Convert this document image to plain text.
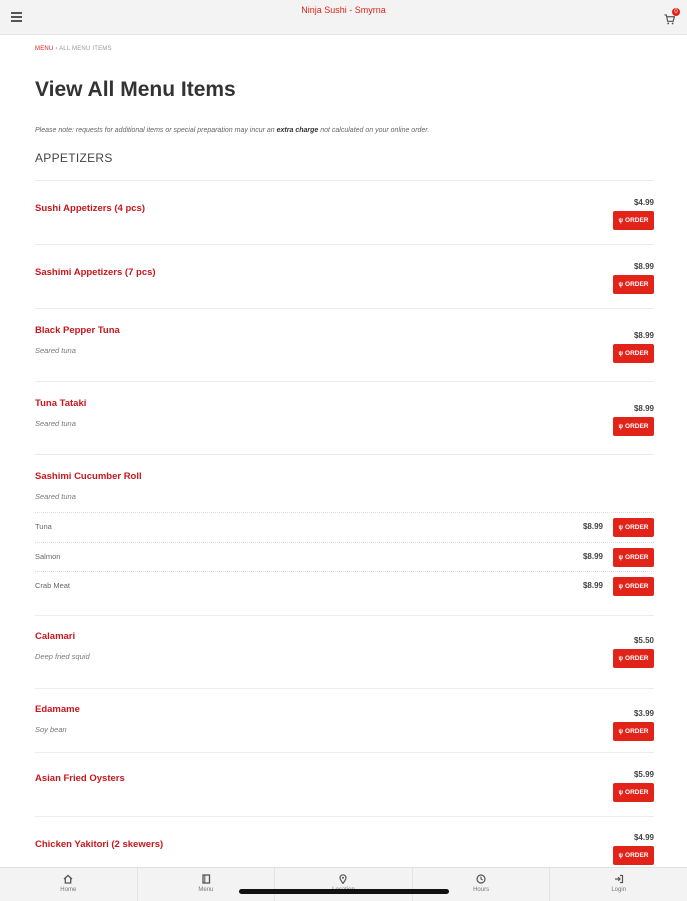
Ninja Sushi - Smyrna	0
MENU › ALL MENU ITEMS
View All Menu Items
Please note: requests for additional items or special preparation may incur an extra charge not calculated on your online order.
APPETIZERS
Sushi Appetizers (4 pcs)
$4.99
ψ ORDER
Sashimi Appetizers (7 pcs)
$8.99
ψ ORDER
Black Pepper Tuna
Seared tuna
$8.99
ψ ORDER
Tuna Tataki
Seared tuna
$8.99
ψ ORDER
Sashimi Cucumber Roll
Seared tuna
Tuna	$8.99	ψ ORDER
Salmon	$8.99	ψ ORDER
Crab Meat	$8.99	ψ ORDER
Calamari
Deep fried squid
$5.50
ψ ORDER
Edamame
Soy bean
$3.99
ψ ORDER
Asian Fried Oysters	$5.99
ψ ORDER
Chicken Yakitori (2 skewers)
$4.99
ψ ORDER
Home	Menu	Hours	Login
